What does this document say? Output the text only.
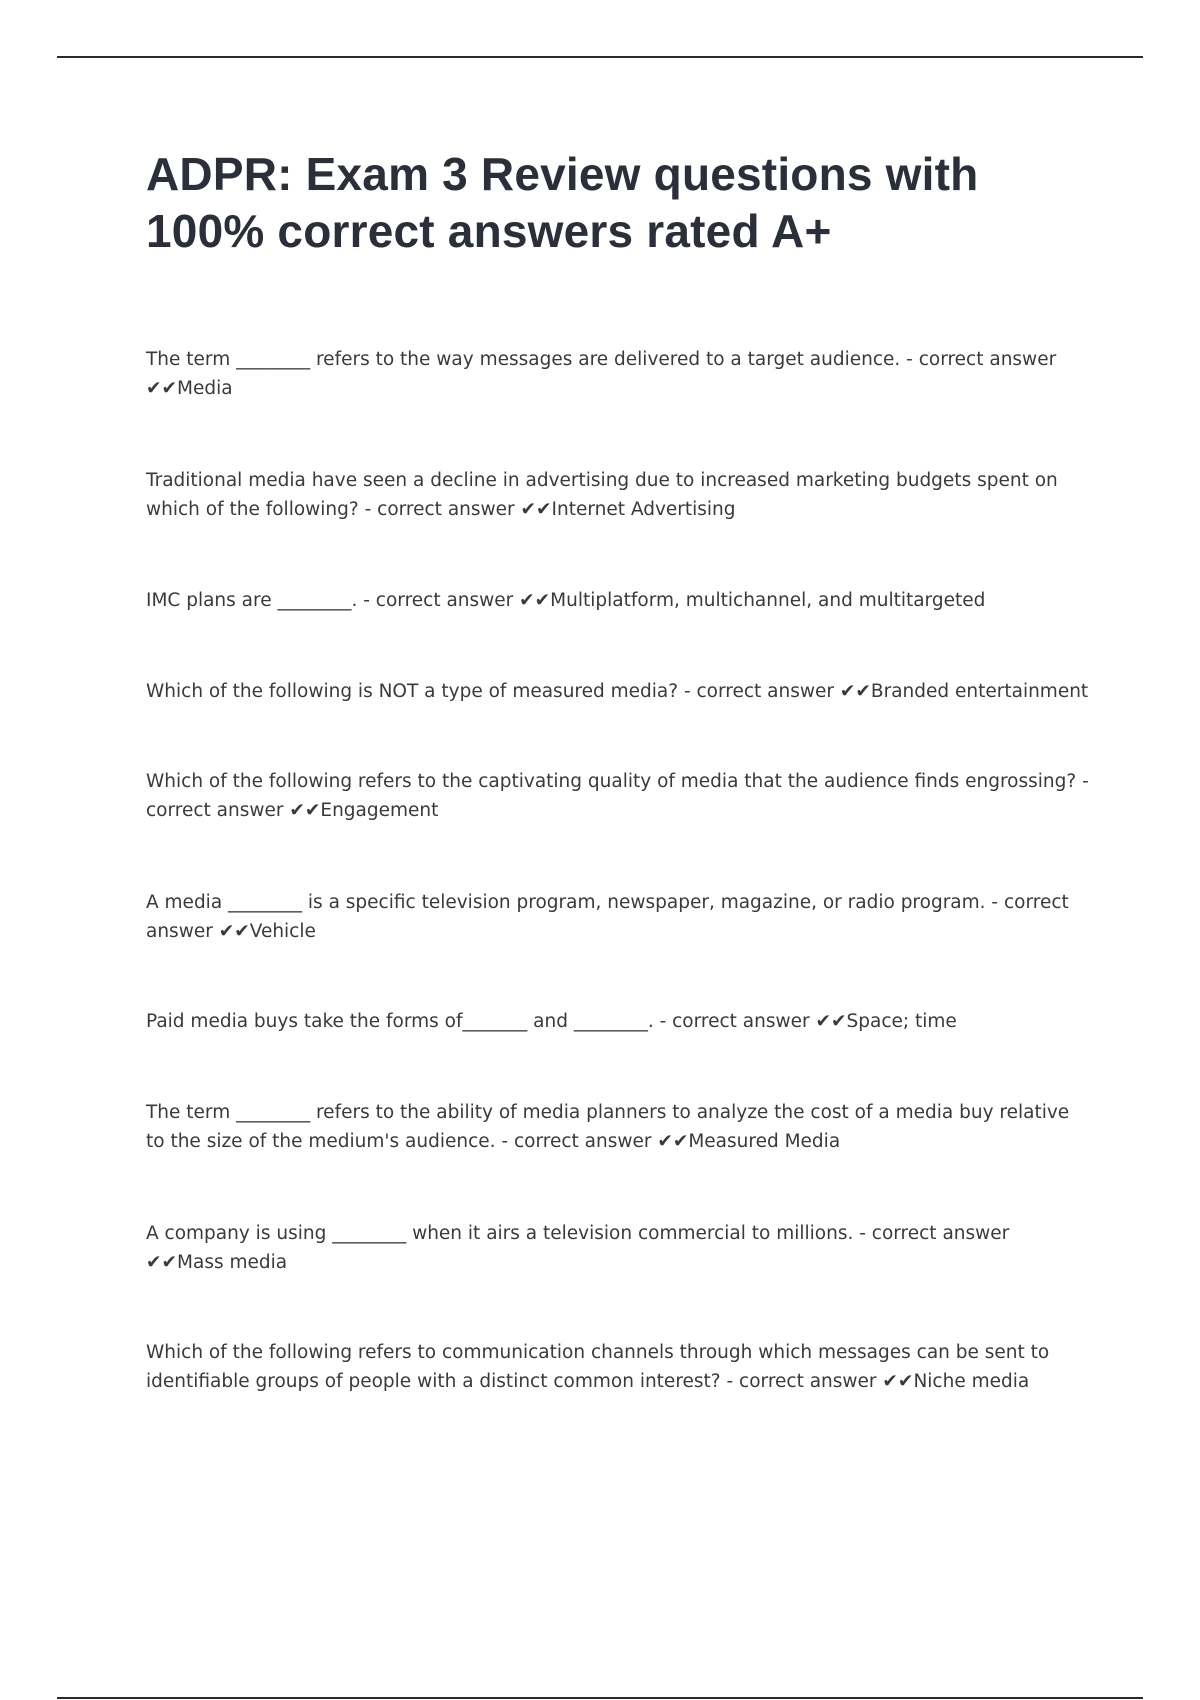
ADPR: Exam 3 Review questions with 100% correct answers rated A+

The term ________ refers to the way messages are delivered to a target audience. - correct answer ✔✔Media

Traditional media have seen a decline in advertising due to increased marketing budgets spent on which of the following? - correct answer ✔✔Internet Advertising

IMC plans are ________. - correct answer ✔✔Multiplatform, multichannel, and multitargeted

Which of the following is NOT a type of measured media? - correct answer ✔✔Branded entertainment

Which of the following refers to the captivating quality of media that the audience finds engrossing? - correct answer ✔✔Engagement

A media ________ is a specific television program, newspaper, magazine, or radio program. - correct answer ✔✔Vehicle

Paid media buys take the forms of_______ and ________. - correct answer ✔✔Space; time

The term ________ refers to the ability of media planners to analyze the cost of a media buy relative to the size of the medium's audience. - correct answer ✔✔Measured Media

A company is using ________ when it airs a television commercial to millions. - correct answer ✔✔Mass media

Which of the following refers to communication channels through which messages can be sent to identifiable groups of people with a distinct common interest? - correct answer ✔✔Niche media
